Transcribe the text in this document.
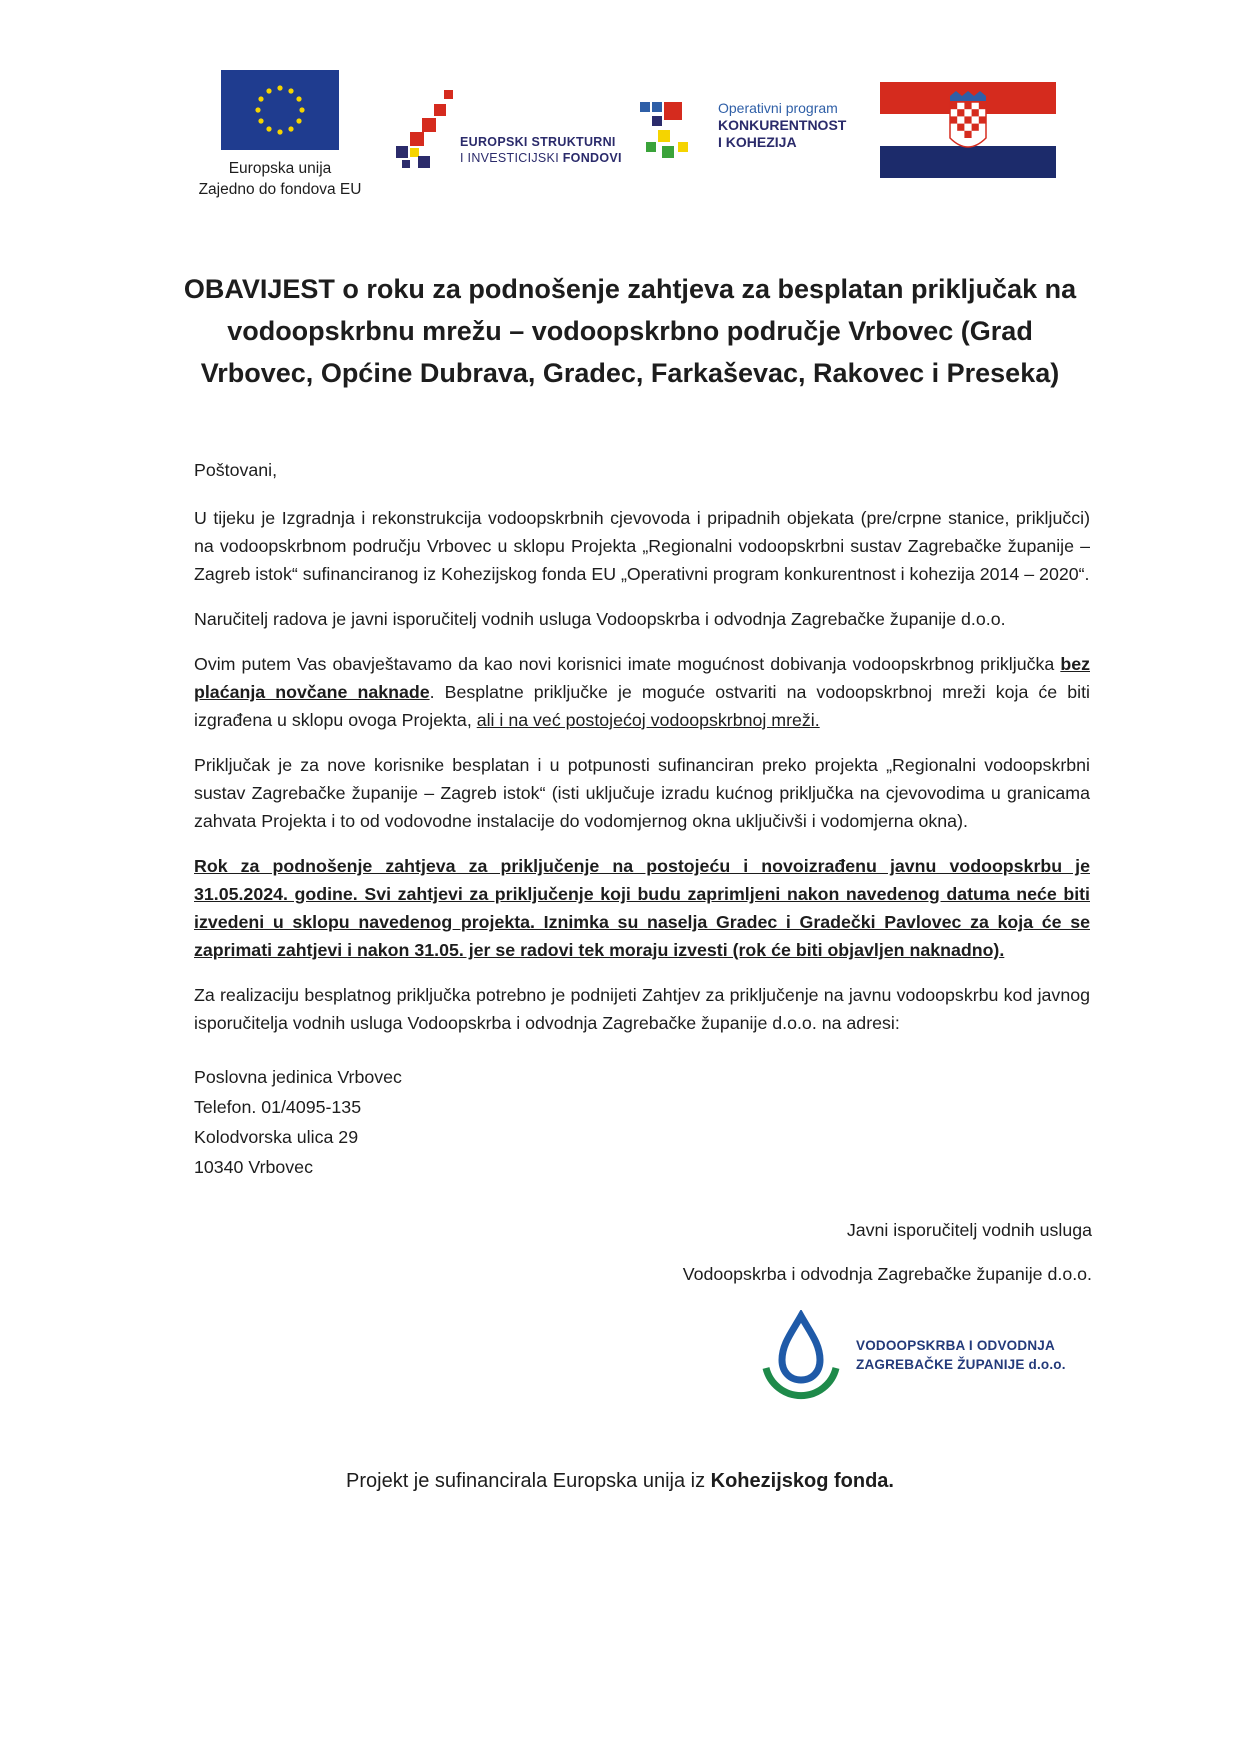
Europska unija
Zajedno do fondova EU
EUROPSKI STRUKTURNI
I INVESTICIJSKI FONDOVI
Operativni program
KONKURENTNOST
I KOHEZIJA
OBAVIJEST o roku za podnošenje zahtjeva za besplatan priključak na
vodoopskrbnu mrežu – vodoopskrbno područje Vrbovec (Grad
Vrbovec, Općine Dubrava, Gradec, Farkaševac, Rakovec i Preseka)

Poštovani,

U tijeku je Izgradnja i rekonstrukcija vodoopskrbnih cjevovoda i pripadnih objekata (pre/crpne stanice, priključci) na vodoopskrbnom području Vrbovec u sklopu Projekta „Regionalni vodoopskrbni sustav Zagrebačke županije – Zagreb istok“ sufinanciranog iz Kohezijskog fonda EU „Operativni program konkurentnost i kohezija 2014 – 2020“.

Naručitelj radova je javni isporučitelj vodnih usluga Vodoopskrba i odvodnja Zagrebačke županije d.o.o.

Ovim putem Vas obavještavamo da kao novi korisnici imate mogućnost dobivanja vodoopskrbnog priključka bez plaćanja novčane naknade. Besplatne priključke je moguće ostvariti na vodoopskrbnoj mreži koja će biti izgrađena u sklopu ovoga Projekta, ali i na već postojećoj vodoopskrbnoj mreži.

Priključak je za nove korisnike besplatan i u potpunosti sufinanciran preko projekta „Regionalni vodoopskrbni sustav Zagrebačke županije – Zagreb istok“ (isti uključuje izradu kućnog priključka na cjevovodima u granicama zahvata Projekta i to od vodovodne instalacije do vodomjernog okna uključivši i vodomjerna okna).

Rok za podnošenje zahtjeva za priključenje na postojeću i novoizrađenu javnu vodoopskrbu je 31.05.2024. godine. Svi zahtjevi za priključenje koji budu zaprimljeni nakon navedenog datuma neće biti izvedeni u sklopu navedenog projekta. Iznimka su naselja Gradec i Gradečki Pavlovec za koja će se zaprimati zahtjevi i nakon 31.05. jer se radovi tek moraju izvesti (rok će biti objavljen naknadno).

Za realizaciju besplatnog priključka potrebno je podnijeti Zahtjev za priključenje na javnu vodoopskrbu kod javnog isporučitelja vodnih usluga Vodoopskrba i odvodnja Zagrebačke županije d.o.o. na adresi:

Poslovna jedinica Vrbovec
Telefon. 01/4095-135
Kolodvorska ulica 29
10340 Vrbovec
Javni isporučitelj vodnih usluga
Vodoopskrba i odvodnja Zagrebačke županije d.o.o.
VODOOPSKRBA I ODVODNJA
ZAGREBAČKE ŽUPANIJE d.o.o.
Projekt je sufinancirala Europska unija iz Kohezijskog fonda.
